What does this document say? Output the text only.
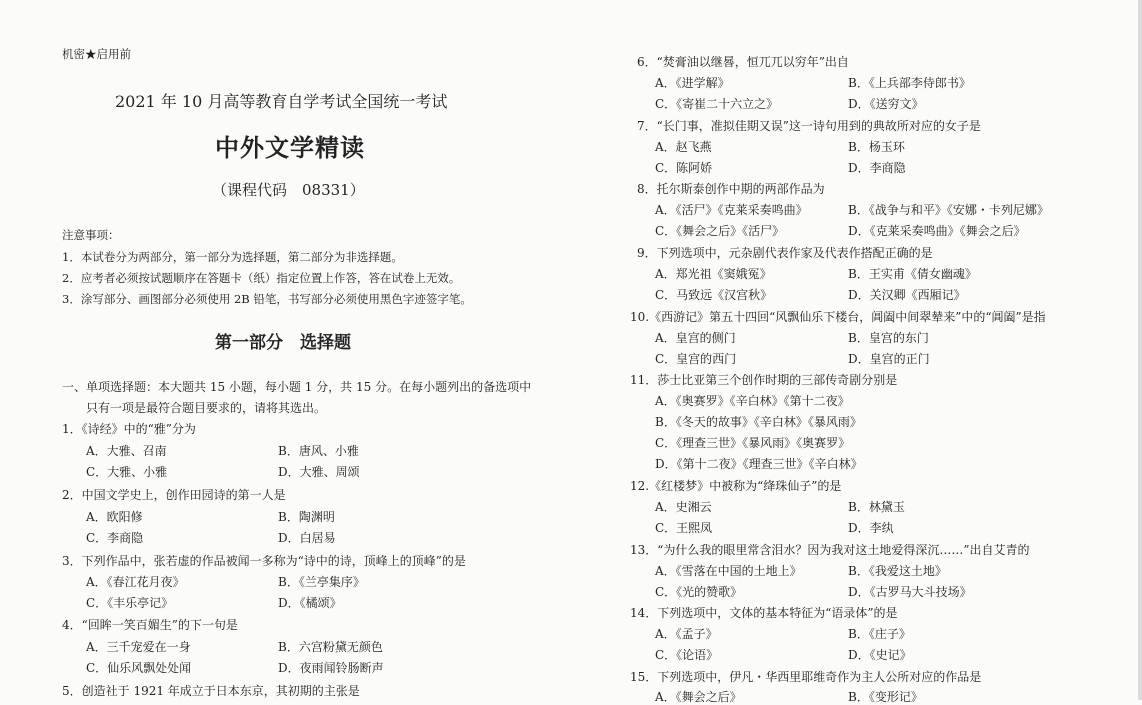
机密★启用前
2021 年 10 月高等教育自学考试全国统一考试
中外文学精读
（课程代码　08331）
注意事项：
1．本试卷分为两部分，第一部分为选择题，第二部分为非选择题。
2．应考者必须按试题顺序在答题卡（纸）指定位置上作答，答在试卷上无效。
3．涂写部分、画图部分必须使用 2B 铅笔，书写部分必须使用黑色字迹签字笔。
第一部分　选择题
一、单项选择题：本大题共 15 小题，每小题 1 分，共 15 分。在每小题列出的备选项中
只有一项是最符合题目要求的，请将其选出。
1．《诗经》中的“雅”分为
A．大雅、召南	B．唐风、小雅
C．大雅、小雅	D．大雅、周颂
2．中国文学史上，创作田园诗的第一人是
A．欧阳修	B．陶渊明
C．李商隐	D．白居易
3．下列作品中，张若虚的作品被闻一多称为“诗中的诗，顶峰上的顶峰”的是
A．《春江花月夜》	B．《兰亭集序》
C．《丰乐亭记》	D．《橘颂》
4．“回眸一笑百媚生”的下一句是
A．三千宠爱在一身	B．六宫粉黛无颜色
C．仙乐风飘处处闻	D．夜雨闻铃肠断声
5．创造社于 1921 年成立于日本东京，其初期的主张是
6．“焚膏油以继晷，恒兀兀以穷年”出自
A．《进学解》	B．《上兵部李侍郎书》
C．《寄崔二十六立之》	D．《送穷文》
7．“长门事，准拟佳期又误”这一诗句用到的典故所对应的女子是
A．赵飞燕	B．杨玉环
C．陈阿娇	D．李商隐
8．托尔斯泰创作中期的两部作品为
A．《活尸》《克莱采奏鸣曲》	B．《战争与和平》《安娜・卡列尼娜》
C．《舞会之后》《活尸》	D．《克莱采奏鸣曲》《舞会之后》
9．下列选项中，元杂剧代表作家及代表作搭配正确的是
A．郑光祖《窦娥冤》	B．王实甫《倩女幽魂》
C．马致远《汉宫秋》	D．关汉卿《西厢记》
10.《西游记》第五十四回“风飘仙乐下楼台，阊阖中间翠辇来”中的“阊阖”是指
A．皇宫的侧门	B．皇宫的东门
C．皇宫的西门	D．皇宫的正门
11．莎士比亚第三个创作时期的三部传奇剧分别是
A．《奥赛罗》《辛白林》《第十二夜》
B．《冬天的故事》《辛白林》《暴风雨》
C．《理查三世》《暴风雨》《奥赛罗》
D．《第十二夜》《理查三世》《辛白林》
12.《红楼梦》中被称为“绛珠仙子”的是
A．史湘云	B．林黛玉
C．王熙凤	D．李纨
13．“为什么我的眼里常含泪水？因为我对这土地爱得深沉……”出自艾青的
A．《雪落在中国的土地上》	B．《我爱这土地》
C．《光的赞歌》	D．《古罗马大斗技场》
14．下列选项中，文体的基本特征为“语录体”的是
A．《孟子》	B．《庄子》
C．《论语》	D．《史记》
15．下列选项中，伊凡・华西里耶维奇作为主人公所对应的作品是
A．《舞会之后》	B．《变形记》
